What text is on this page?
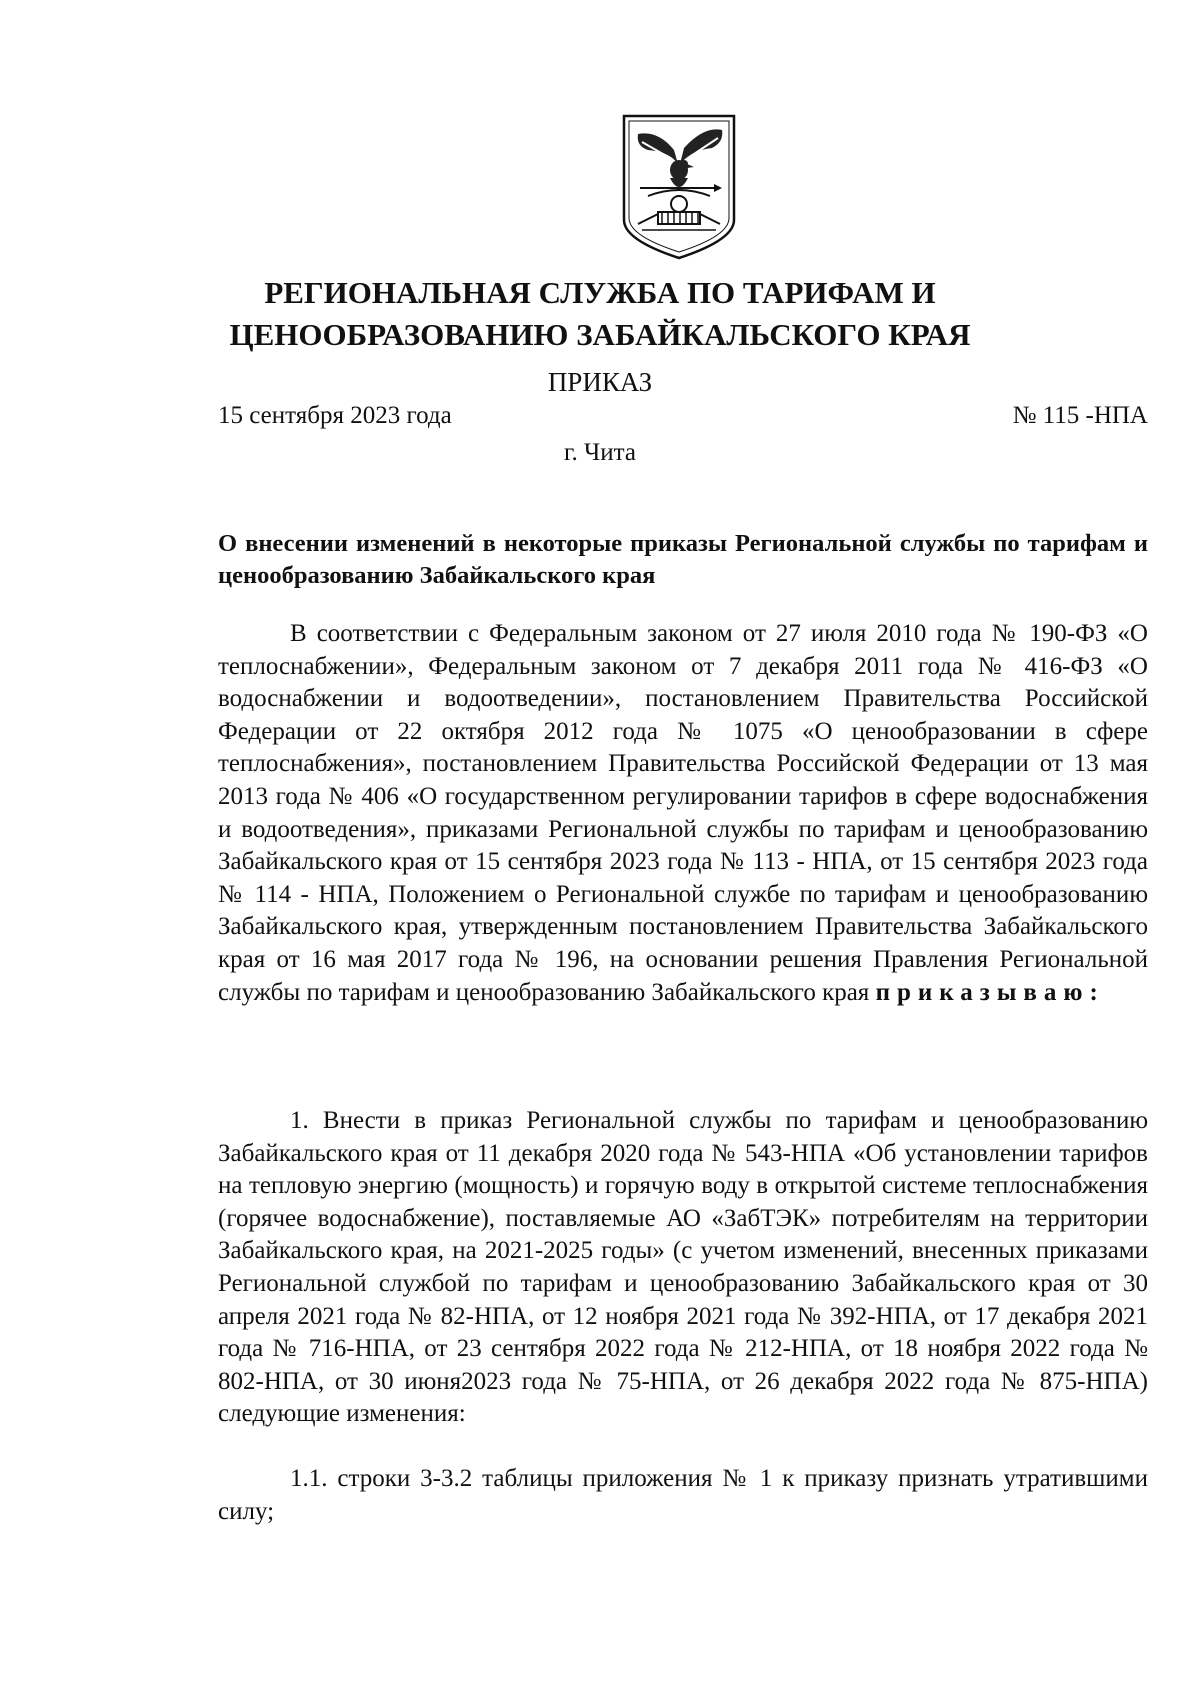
РЕГИОНАЛЬНАЯ СЛУЖБА ПО ТАРИФАМ И
ЦЕНООБРАЗОВАНИЮ ЗАБАЙКАЛЬСКОГО КРАЯ
ПРИКАЗ
15 сентября 2023 года	№ 115 -НПА
г. Чита
О внесении изменений в некоторые приказы Региональной службы по тарифам и ценообразованию Забайкальского края

В соответствии с Федеральным законом от 27 июля 2010 года № 190-ФЗ «О теплоснабжении», Федеральным законом от 7 декабря 2011 года № 416-ФЗ «О водоснабжении и водоотведении», постановлением Правительства Российской Федерации от 22 октября 2012 года № 1075 «О ценообразовании в сфере теплоснабжения», постановлением Правительства Российской Федерации от 13 мая 2013 года № 406 «О государственном регулировании тарифов в сфере водоснабжения и водоотведения», приказами Региональной службы по тарифам и ценообразованию Забайкальского края от 15 сентября 2023 года № 113 - НПА, от 15 сентября 2023 года № 114 - НПА, Положением о Региональной службе по тарифам и ценообразованию Забайкальского края, утвержденным постановлением Правительства Забайкальского края от 16 мая 2017 года № 196, на основании решения Правления Региональной службы по тарифам и ценообразованию Забайкальского края приказываю:

1. Внести в приказ Региональной службы по тарифам и ценообразованию Забайкальского края от 11 декабря 2020 года № 543-НПА «Об установлении тарифов на тепловую энергию (мощность) и горячую воду в открытой системе теплоснабжения (горячее водоснабжение), поставляемые АО «ЗабТЭК» потребителям на территории Забайкальского края, на 2021-2025 годы» (с учетом изменений, внесенных приказами Региональной службой по тарифам и ценообразованию Забайкальского края от 30 апреля 2021 года № 82-НПА, от 12 ноября 2021 года № 392-НПА, от 17 декабря 2021 года № 716-НПА, от 23 сентября 2022 года № 212-НПА, от 18 ноября 2022 года № 802-НПА, от 30 июня2023 года № 75-НПА, от 26 декабря 2022 года № 875-НПА) следующие изменения:

1.1. строки 3-3.2 таблицы приложения № 1 к приказу признать утратившими силу;
